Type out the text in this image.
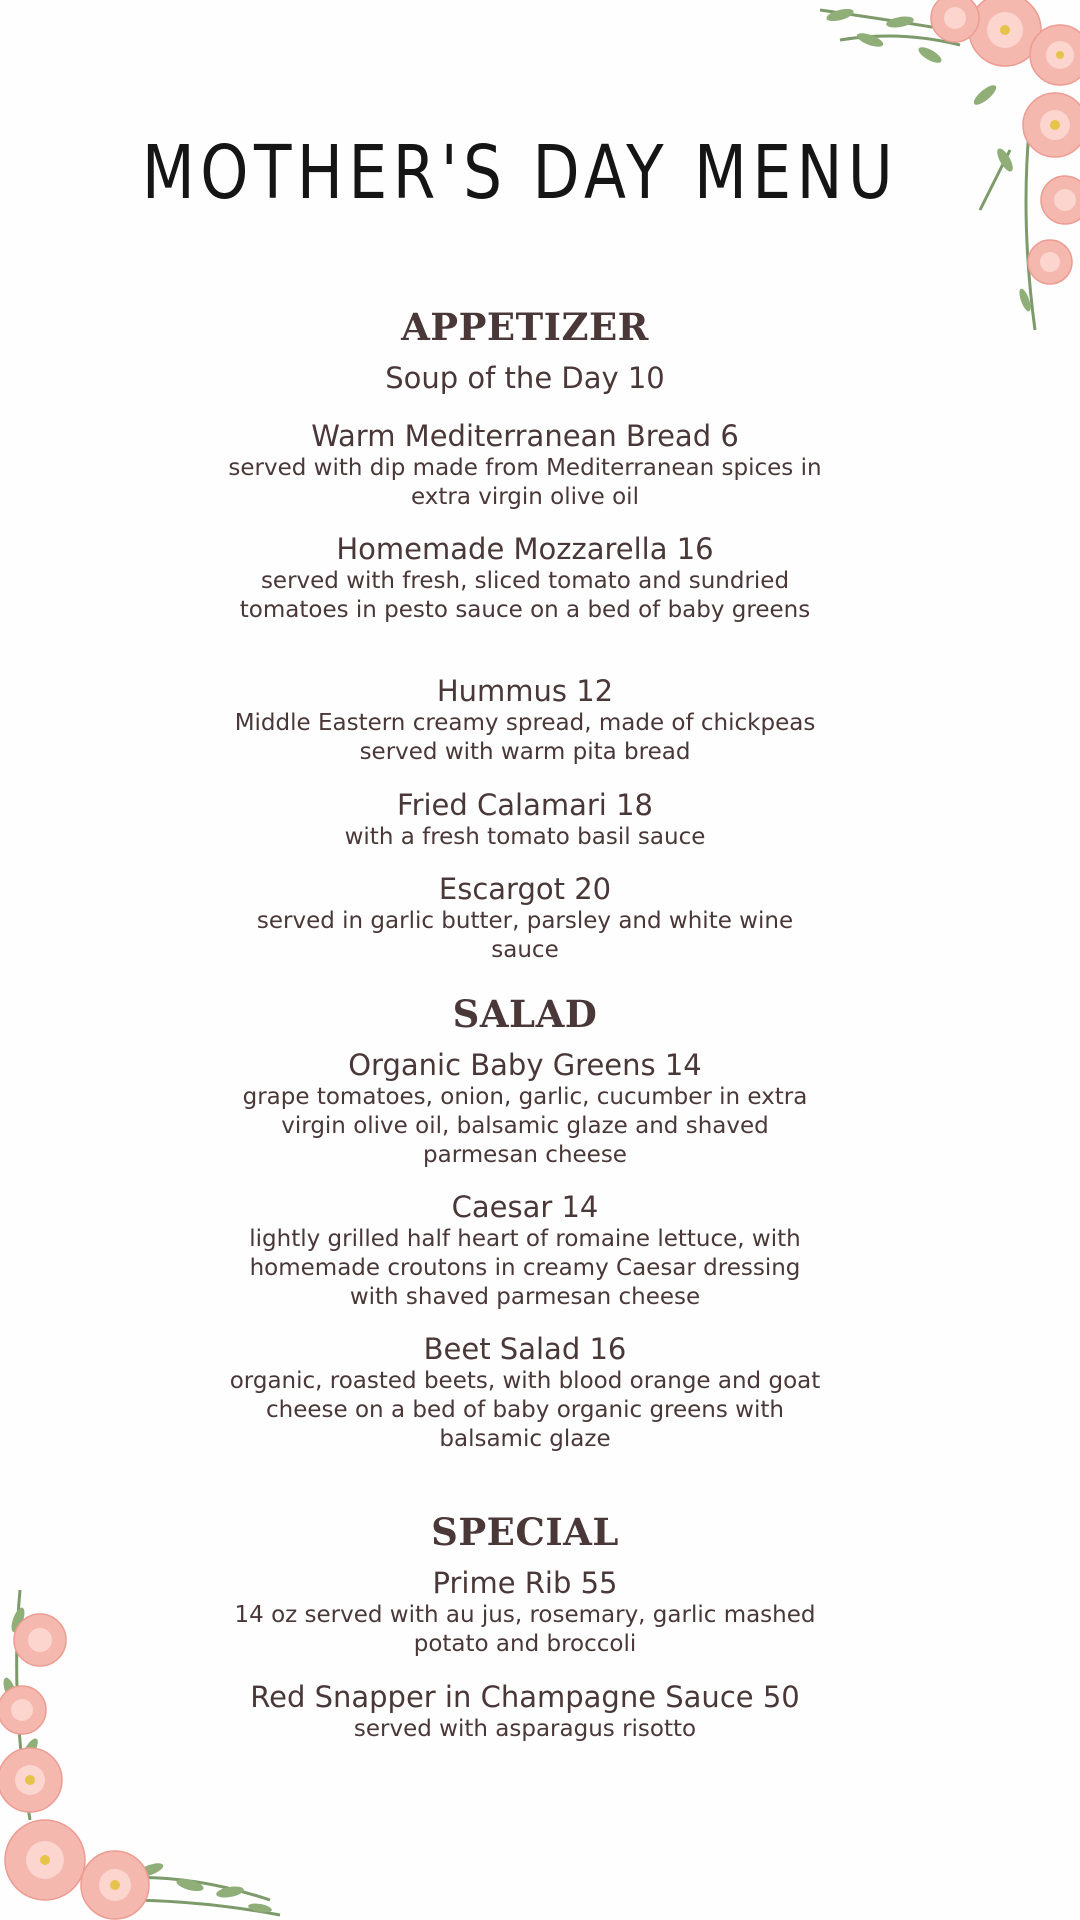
MOTHER'S DAY MENU
APPETIZER
Soup of the Day 10
Warm Mediterranean Bread 6
served with dip made from Mediterranean spices in extra virgin olive oil
Homemade Mozzarella 16
served with fresh, sliced tomato and sundried tomatoes in pesto sauce on a bed of baby greens
Hummus 12
Middle Eastern creamy spread, made of chickpeas served with warm pita bread
Fried Calamari 18
with a fresh tomato basil sauce
Escargot 20
served in garlic butter, parsley and white wine sauce
SALAD
Organic Baby Greens 14
grape tomatoes, onion, garlic, cucumber in extra virgin olive oil, balsamic glaze and shaved parmesan cheese
Caesar 14
lightly grilled half heart of romaine lettuce, with homemade croutons in creamy Caesar dressing with shaved parmesan cheese
Beet Salad 16
organic, roasted beets, with blood orange and goat cheese on a bed of baby organic greens with balsamic glaze
SPECIAL
Prime Rib 55
14 oz served with au jus, rosemary, garlic mashed potato and broccoli
Red Snapper in Champagne Sauce 50
served with asparagus risotto
